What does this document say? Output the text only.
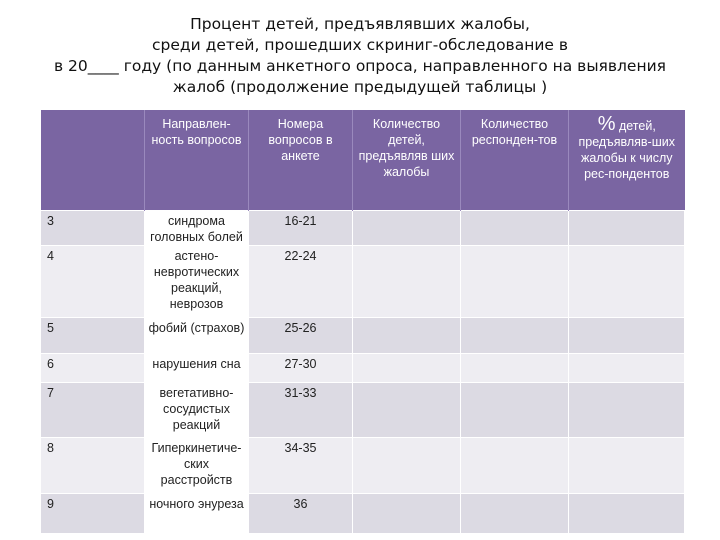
Процент детей, предъявлявших жалобы,
среди детей, прошедших скриниг-обследование в
в 20____ году (по данным анкетного опроса, направленного на выявления
жалоб (продолжение предыдущей таблицы )
	Направлен-ность вопросов	Номера вопросов в анкете	Количество детей, предъявляв ших жалобы	Количество респонден-тов	% детей, предъявляв-ших жалобы к числу рес-пондентов
3	синдрома головных болей	16-21			
4	астено-невротических реакций, неврозов	22-24			
5	фобий (страхов)	25-26			
6	нарушения сна	27-30			
7	вегетативно-сосудистых реакций	31-33			
8	Гиперкинетиче-ских расстройств	34-35			
9	ночного энуреза	36			
